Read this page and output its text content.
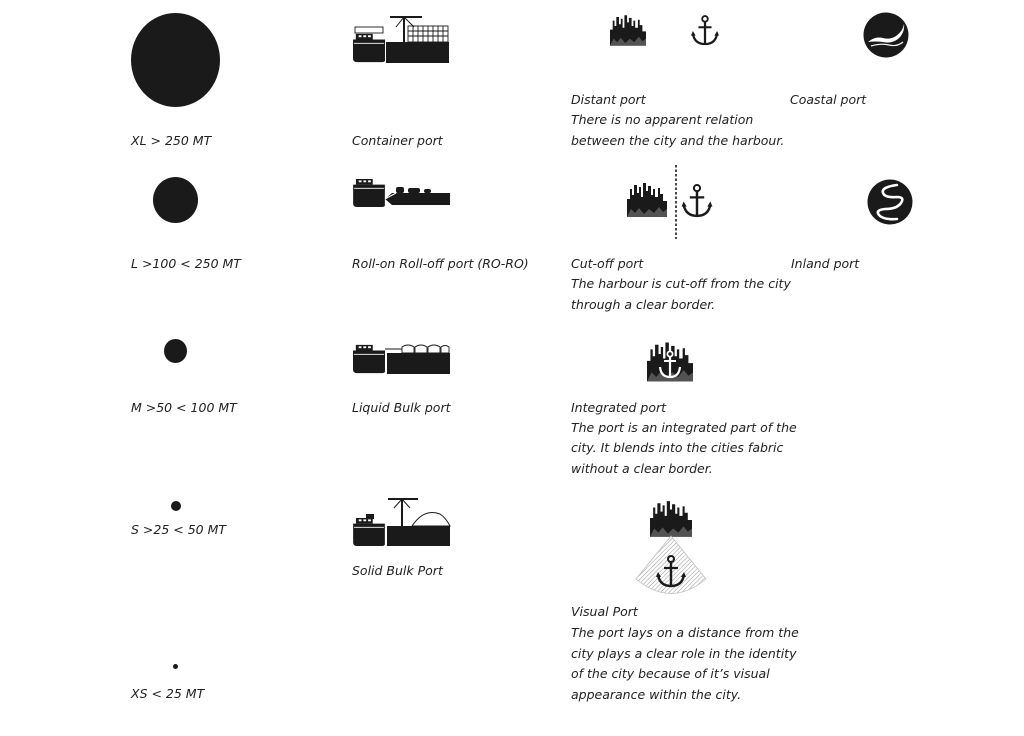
XL > 250 MT
L >100 < 250 MT
M >50 < 100 MT
S >25 < 50 MT
XS < 25 MT
Container port
Roll-on Roll-off port (RO-RO)
Liquid Bulk port
Solid Bulk Port
Distant port
There is no apparent relation
between the city and the harbour.
Cut-off port
The harbour is cut-off from the city
through a clear border.
Integrated port
The port is an integrated part of the
city. It blends into the cities fabric
without a clear border.
Visual Port
The port lays on a distance from the
city plays a clear role in the identity
of the city because of it’s visual
appearance within the city.
Coastal port
Inland port
